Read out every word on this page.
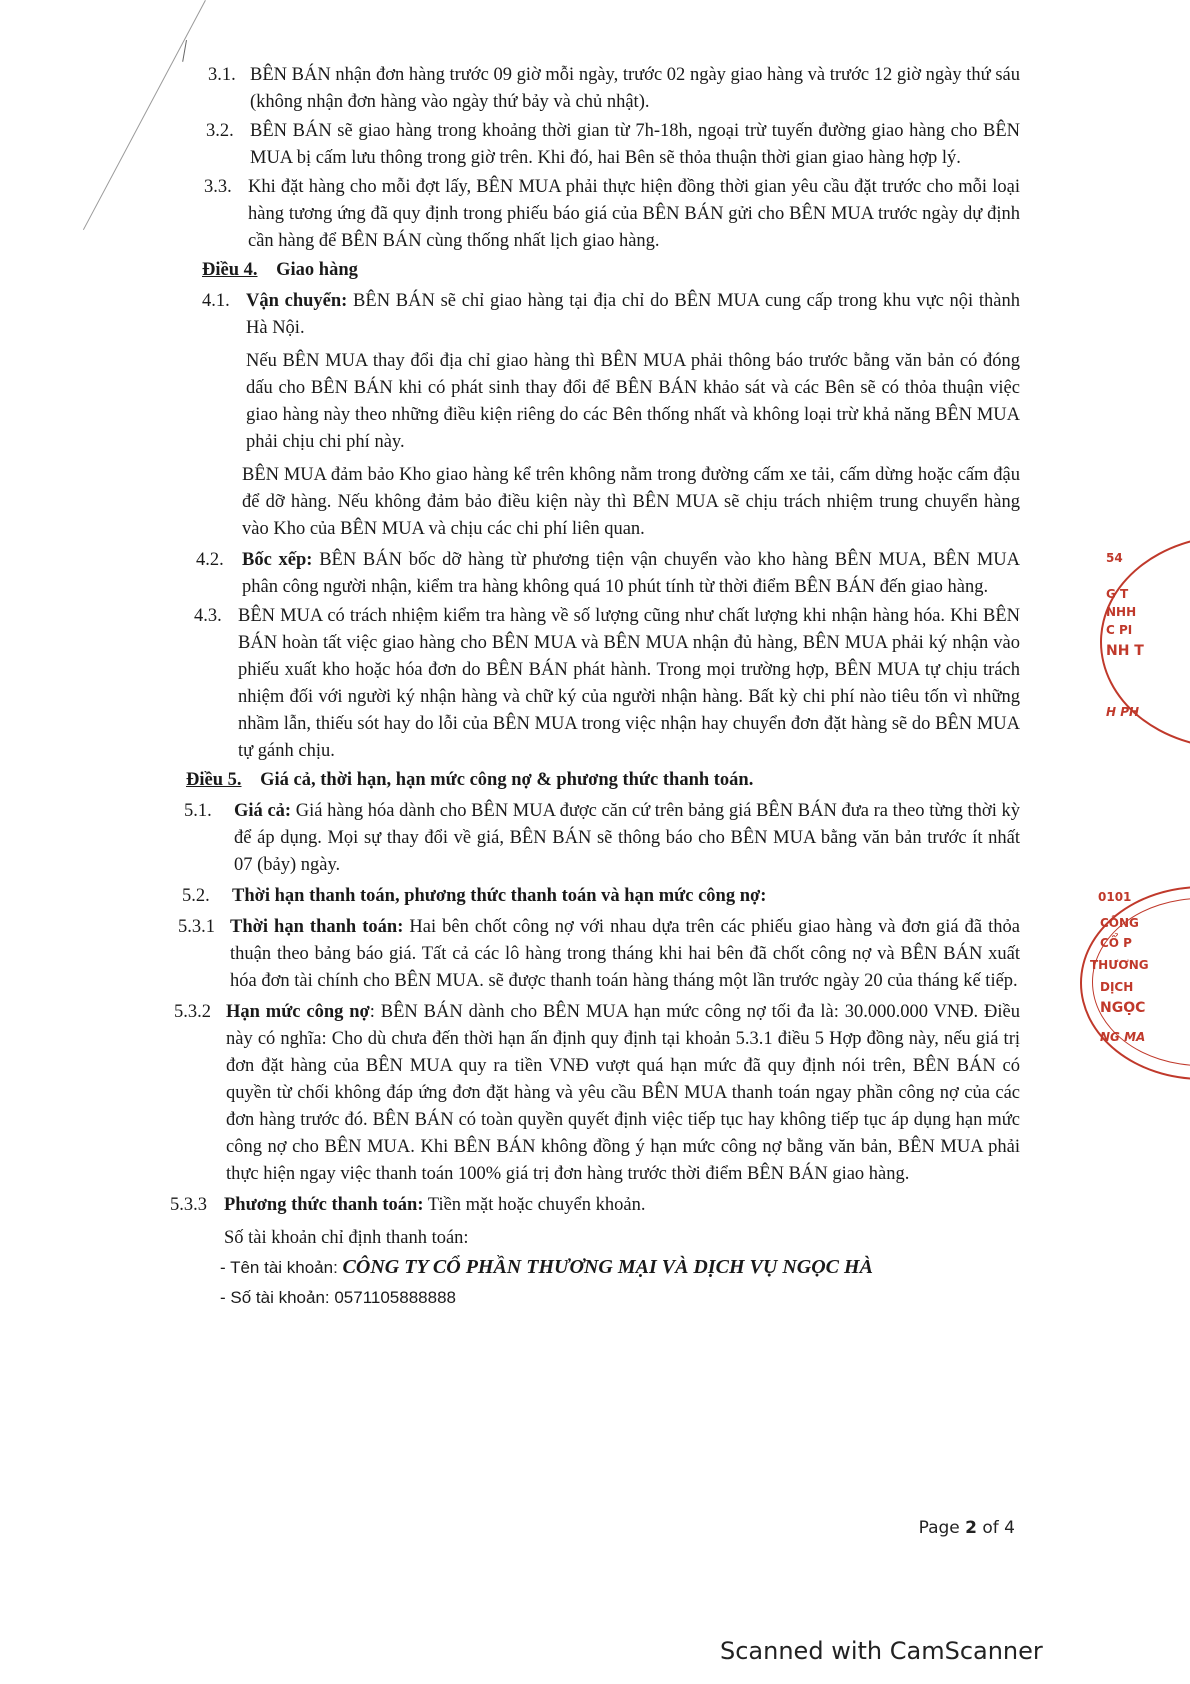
3.1. BÊN BÁN nhận đơn hàng trước 09 giờ mỗi ngày, trước 02 ngày giao hàng và trước 12 giờ ngày thứ sáu (không nhận đơn hàng vào ngày thứ bảy và chủ nhật).
3.2. BÊN BÁN sẽ giao hàng trong khoảng thời gian từ 7h-18h, ngoại trừ tuyến đường giao hàng cho BÊN MUA bị cấm lưu thông trong giờ trên. Khi đó, hai Bên sẽ thỏa thuận thời gian giao hàng hợp lý.
3.3. Khi đặt hàng cho mỗi đợt lấy, BÊN MUA phải thực hiện đồng thời gian yêu cầu đặt trước cho mỗi loại hàng tương ứng đã quy định trong phiếu báo giá của BÊN BÁN gửi cho BÊN MUA trước ngày dự định cần hàng để BÊN BÁN cùng thống nhất lịch giao hàng.
Điều 4. Giao hàng
4.1. Vận chuyển: BÊN BÁN sẽ chỉ giao hàng tại địa chỉ do BÊN MUA cung cấp trong khu vực nội thành Hà Nội.
Nếu BÊN MUA thay đổi địa chỉ giao hàng thì BÊN MUA phải thông báo trước bằng văn bản có đóng dấu cho BÊN BÁN khi có phát sinh thay đổi để BÊN BÁN khảo sát và các Bên sẽ có thỏa thuận việc giao hàng này theo những điều kiện riêng do các Bên thống nhất và không loại trừ khả năng BÊN MUA phải chịu chi phí này.
BÊN MUA đảm bảo Kho giao hàng kể trên không nằm trong đường cấm xe tải, cấm dừng hoặc cấm đậu để dỡ hàng. Nếu không đảm bảo điều kiện này thì BÊN MUA sẽ chịu trách nhiệm trung chuyển hàng vào Kho của BÊN MUA và chịu các chi phí liên quan.
4.2. Bốc xếp: BÊN BÁN bốc dỡ hàng từ phương tiện vận chuyển vào kho hàng BÊN MUA, BÊN MUA phân công người nhận, kiểm tra hàng không quá 10 phút tính từ thời điểm BÊN BÁN đến giao hàng.
4.3. BÊN MUA có trách nhiệm kiểm tra hàng về số lượng cũng như chất lượng khi nhận hàng hóa. Khi BÊN BÁN hoàn tất việc giao hàng cho BÊN MUA và BÊN MUA nhận đủ hàng, BÊN MUA phải ký nhận vào phiếu xuất kho hoặc hóa đơn do BÊN BÁN phát hành. Trong mọi trường hợp, BÊN MUA tự chịu trách nhiệm đối với người ký nhận hàng và chữ ký của người nhận hàng. Bất kỳ chi phí nào tiêu tốn vì những nhầm lẫn, thiếu sót hay do lỗi của BÊN MUA trong việc nhận hay chuyển đơn đặt hàng sẽ do BÊN MUA tự gánh chịu.
Điều 5. Giá cả, thời hạn, hạn mức công nợ & phương thức thanh toán.
5.1. Giá cả: Giá hàng hóa dành cho BÊN MUA được căn cứ trên bảng giá BÊN BÁN đưa ra theo từng thời kỳ để áp dụng. Mọi sự thay đổi về giá, BÊN BÁN sẽ thông báo cho BÊN MUA bằng văn bản trước ít nhất 07 (bảy) ngày.
5.2. Thời hạn thanh toán, phương thức thanh toán và hạn mức công nợ:
5.3.1 Thời hạn thanh toán: Hai bên chốt công nợ với nhau dựa trên các phiếu giao hàng và đơn giá đã thỏa thuận theo bảng báo giá. Tất cả các lô hàng trong tháng khi hai bên đã chốt công nợ và BÊN BÁN xuất hóa đơn tài chính cho BÊN MUA. sẽ được thanh toán hàng tháng một lần trước ngày 20 của tháng kế tiếp.
5.3.2 Hạn mức công nợ: BÊN BÁN dành cho BÊN MUA hạn mức công nợ tối đa là: 30.000.000 VNĐ. Điều này có nghĩa: Cho dù chưa đến thời hạn ấn định quy định tại khoản 5.3.1 điều 5 Hợp đồng này, nếu giá trị đơn đặt hàng của BÊN MUA quy ra tiền VNĐ vượt quá hạn mức đã quy định nói trên, BÊN BÁN có quyền từ chối không đáp ứng đơn đặt hàng và yêu cầu BÊN MUA thanh toán ngay phần công nợ của các đơn hàng trước đó. BÊN BÁN có toàn quyền quyết định việc tiếp tục hay không tiếp tục áp dụng hạn mức công nợ cho BÊN MUA. Khi BÊN BÁN không đồng ý hạn mức công nợ bằng văn bản, BÊN MUA phải thực hiện ngay việc thanh toán 100% giá trị đơn hàng trước thời điểm BÊN BÁN giao hàng.
5.3.3 Phương thức thanh toán: Tiền mặt hoặc chuyển khoản.
Số tài khoản chỉ định thanh toán:
- Tên tài khoản: CÔNG TY CỔ PHẦN THƯƠNG MẠI VÀ DỊCH VỤ NGỌC HÀ
- Số tài khoản: 0571105888888
Page 2 of 4
Scanned with CamScanner
54
G T
NHH
C PI
NH T
H PH
0101
CÔNG
CỔ P
THƯƠNG
DỊCH
NGỌC
NG MA
